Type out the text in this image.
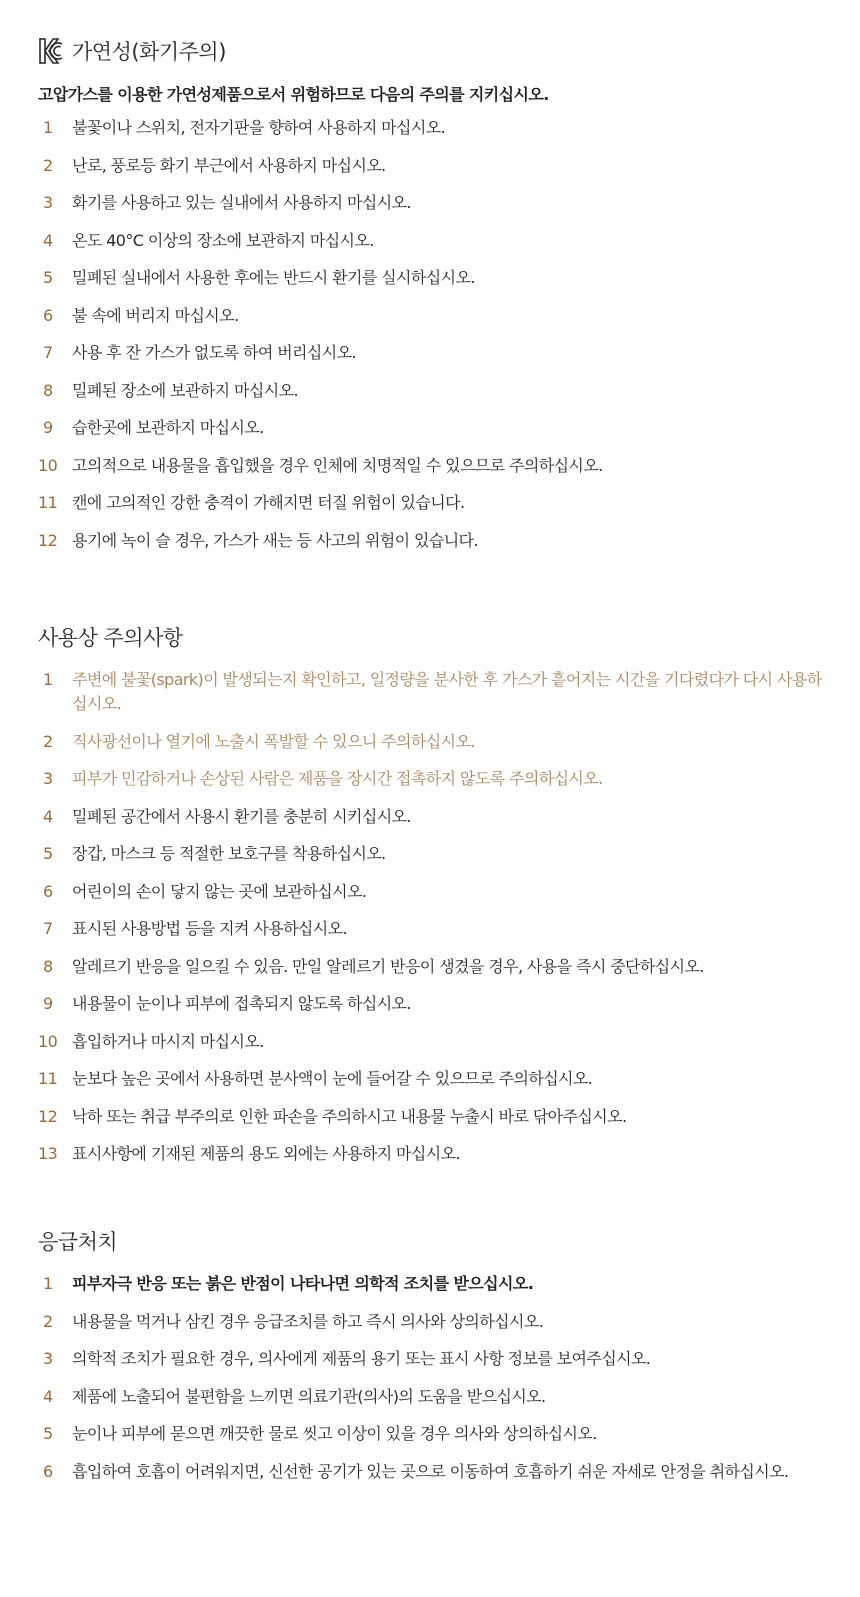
가연성(화기주의)
고압가스를 이용한 가연성제품으로서 위험하므로 다음의 주의를 지키십시오.
1	불꽃이나 스위치, 전자기판을 향하여 사용하지 마십시오.
2	난로, 풍로등 화기 부근에서 사용하지 마십시오.
3	화기를 사용하고 있는 실내에서 사용하지 마십시오.
4	온도 40°C 이상의 장소에 보관하지 마십시오.
5	밀폐된 실내에서 사용한 후에는 반드시 환기를 실시하십시오.
6	불 속에 버리지 마십시오.
7	사용 후 잔 가스가 없도록 하여 버리십시오.
8	밀폐된 장소에 보관하지 마십시오.
9	습한곳에 보관하지 마십시오.
10 고의적으로 내용물을 흡입했을 경우 인체에 치명적일 수 있으므로 주의하십시오.
11 캔에 고의적인 강한 충격이 가해지면 터질 위험이 있습니다.
12 용기에 녹이 슬 경우, 가스가 새는 등 사고의 위험이 있습니다.
사용상 주의사항
1	주변에 불꽃(spark)이 발생되는지 확인하고, 일정량을 분사한 후 가스가 흩어지는 시간을 기다렸다가 다시 사용하십시오.
2	직사광선이나 열기에 노출시 폭발할 수 있으니 주의하십시오.
3	피부가 민감하거나 손상된 사람은 제품을 장시간 접촉하지 않도록 주의하십시오.
4	밀폐된 공간에서 사용시 환기를 충분히 시키십시오.
5	장갑, 마스크 등 적절한 보호구를 착용하십시오.
6	어린이의 손이 닿지 않는 곳에 보관하십시오.
7	표시된 사용방법 등을 지켜 사용하십시오.
8	알레르기 반응을 일으킬 수 있음. 만일 알레르기 반응이 생겼을 경우, 사용을 즉시 중단하십시오.
9	내용물이 눈이나 피부에 접촉되지 않도록 하십시오.
10 흡입하거나 마시지 마십시오.
11 눈보다 높은 곳에서 사용하면 분사액이 눈에 들어갈 수 있으므로 주의하십시오.
12 낙하 또는 취급 부주의로 인한 파손을 주의하시고 내용물 누출시 바로 닦아주십시오.
13 표시사항에 기재된 제품의 용도 외에는 사용하지 마십시오.
응급처치
1	피부자극 반응 또는 붉은 반점이 나타나면 의학적 조치를 받으십시오.
2	내용물을 먹거나 삼킨 경우 응급조치를 하고 즉시 의사와 상의하십시오.
3	의학적 조치가 필요한 경우, 의사에게 제품의 용기 또는 표시 사항 정보를 보여주십시오.
4	제품에 노출되어 불편함을 느끼면 의료기관(의사)의 도움을 받으십시오.
5	눈이나 피부에 묻으면 깨끗한 물로 씻고 이상이 있을 경우 의사와 상의하십시오.
6	흡입하여 호흡이 어려워지면, 신선한 공기가 있는 곳으로 이동하여 호흡하기 쉬운 자세로 안정을 취하십시오.
